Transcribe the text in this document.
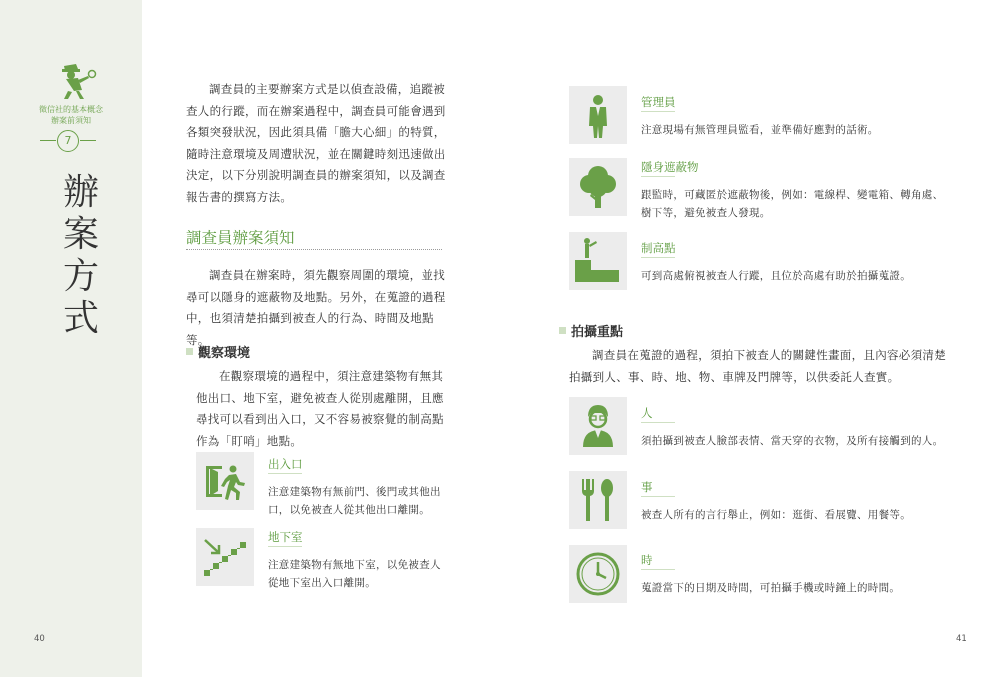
徵信社的基本概念
辦案前須知
7
辦
案
方
式
40
調查員的主要辦案方式是以偵查設備，追蹤被
查人的行蹤，而在辦案過程中，調查員可能會遇到
各類突發狀況，因此須具備「膽大心細」的特質，
隨時注意環境及周遭狀況，並在關鍵時刻迅速做出
決定，以下分別說明調查員的辦案須知，以及調查
報告書的撰寫方法。
調查員辦案須知
調查員在辦案時，須先觀察周圍的環境，並找
尋可以隱身的遮蔽物及地點。另外，在蒐證的過程
中，也須清楚拍攝到被查人的行為、時間及地點等。
觀察環境
在觀察環境的過程中，須注意建築物有無其
他出口、地下室，避免被查人從別處離開，且應
尋找可以看到出入口，又不容易被察覺的制高點
作為「盯哨」地點。
出入口
注意建築物有無前門、後門或其他出
口，以免被查人從其他出口離開。
地下室
注意建築物有無地下室，以免被查人
從地下室出入口離開。
管理員
注意現場有無管理員監看，並準備好應對的話術。
隱身遮蔽物
跟監時，可藏匿於遮蔽物後，例如：電線桿、變電箱、轉角處、
樹下等，避免被查人發現。
制高點
可到高處俯視被查人行蹤，且位於高處有助於拍攝蒐證。
拍攝重點
調查員在蒐證的過程，須拍下被查人的關鍵性畫面，且內容必須清楚
拍攝到人、事、時、地、物、車牌及門牌等，以供委託人查實。
人
須拍攝到被查人臉部表情、當天穿的衣物，及所有接觸到的人。
事
被查人所有的言行舉止，例如：逛街、看展覽、用餐等。
時
蒐證當下的日期及時間，可拍攝手機或時鐘上的時間。
41
